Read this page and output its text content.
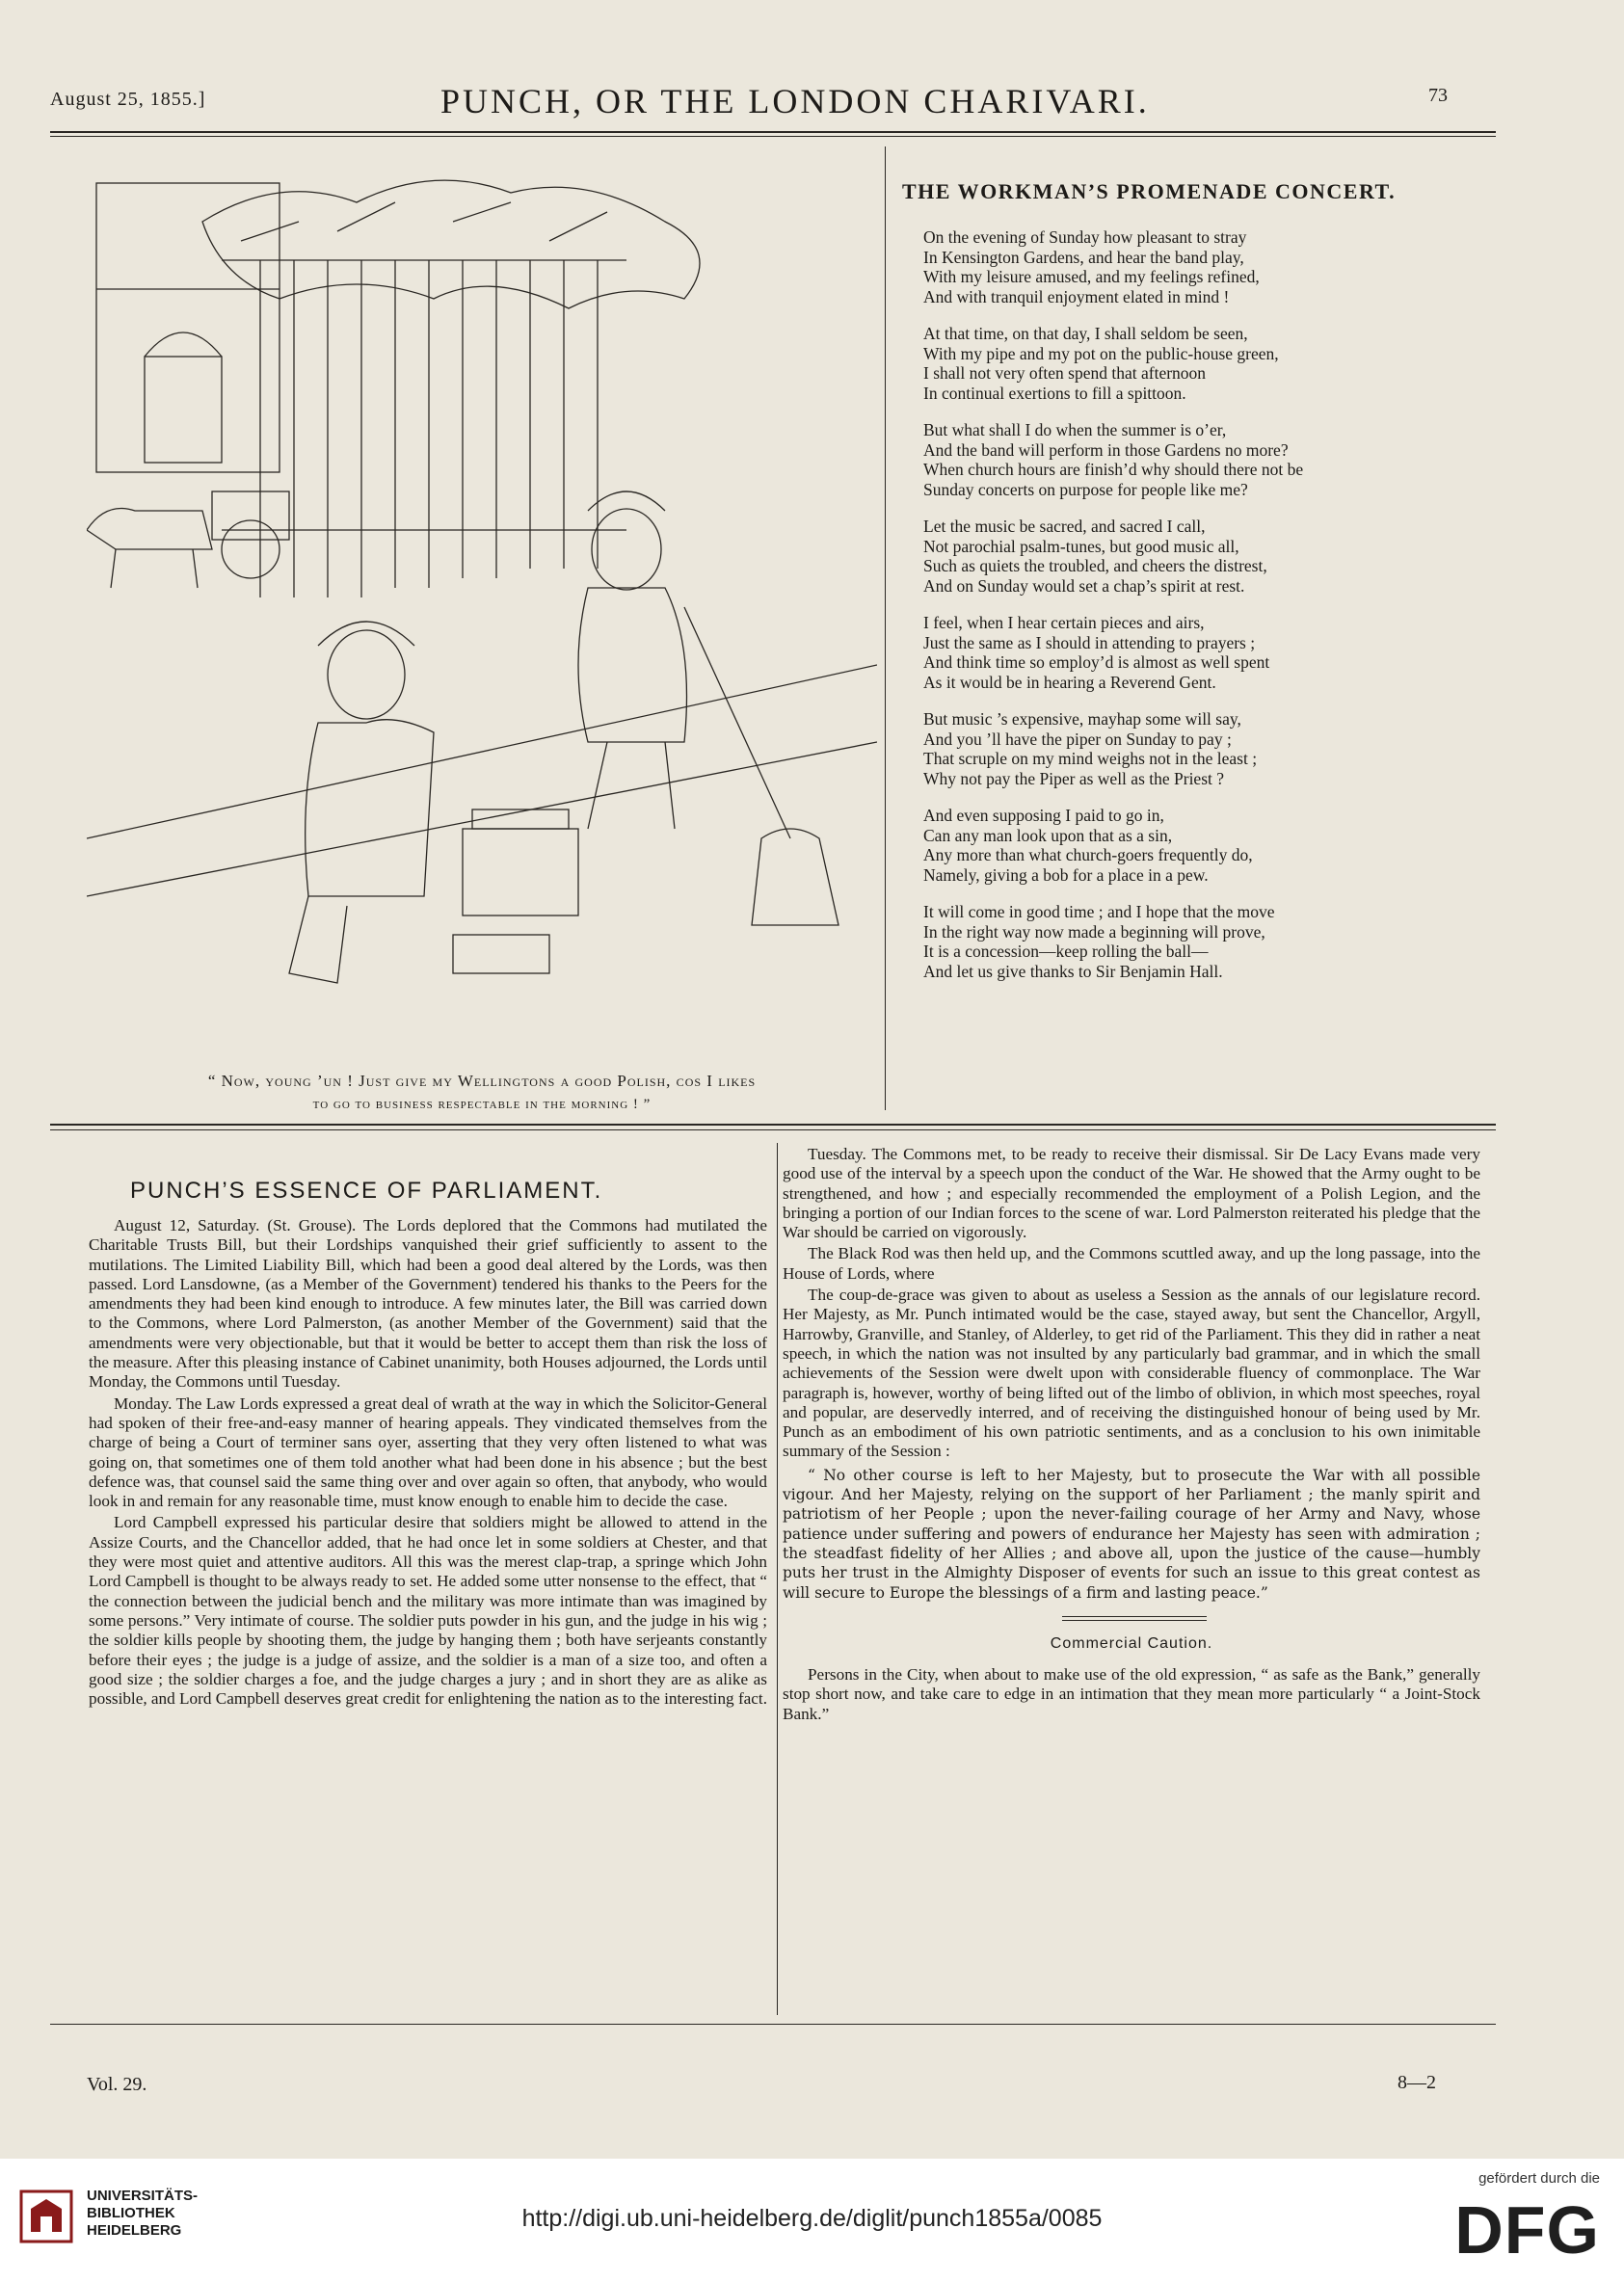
August 25, 1855.]	PUNCH, OR THE LONDON CHARIVARI.	73
“ Now, young ’un ! Just give my Wellingtons a good Polish, cos I likes
to go to business respectable in the morning ! ”
THE WORKMAN’S PROMENADE CONCERT.
On the evening of Sunday how pleasant to stray
In Kensington Gardens, and hear the band play,
With my leisure amused, and my feelings refined,
And with tranquil enjoyment elated in mind !
At that time, on that day, I shall seldom be seen,
With my pipe and my pot on the public-house green,
I shall not very often spend that afternoon
In continual exertions to fill a spittoon.
But what shall I do when the summer is o’er,
And the band will perform in those Gardens no more?
When church hours are finish’d why should there not be
Sunday concerts on purpose for people like me?
Let the music be sacred, and sacred I call,
Not parochial psalm-tunes, but good music all,
Such as quiets the troubled, and cheers the distrest,
And on Sunday would set a chap’s spirit at rest.
I feel, when I hear certain pieces and airs,
Just the same as I should in attending to prayers ;
And think time so employ’d is almost as well spent
As it would be in hearing a Reverend Gent.
But music ’s expensive, mayhap some will say,
And you ’ll have the piper on Sunday to pay ;
That scruple on my mind weighs not in the least ;
Why not pay the Piper as well as the Priest ?
And even supposing I paid to go in,
Can any man look upon that as a sin,
Any more than what church-goers frequently do,
Namely, giving a bob for a place in a pew.
It will come in good time ; and I hope that the move
In the right way now made a beginning will prove,
It is a concession—keep rolling the ball—
And let us give thanks to Sir Benjamin Hall.
PUNCH’S ESSENCE OF PARLIAMENT.

August 12, Saturday. (St. Grouse). The Lords deplored that the Commons had mutilated the Charitable Trusts Bill, but their Lordships vanquished their grief sufficiently to assent to the mutilations. The Limited Liability Bill, which had been a good deal altered by the Lords, was then passed. Lord Lansdowne, (as a Member of the Government) tendered his thanks to the Peers for the amendments they had been kind enough to introduce. A few minutes later, the Bill was carried down to the Commons, where Lord Palmerston, (as another Member of the Government) said that the amendments were very objectionable, but that it would be better to accept them than risk the loss of the measure. After this pleasing instance of Cabinet unanimity, both Houses adjourned, the Lords until Monday, the Commons until Tuesday.

Monday. The Law Lords expressed a great deal of wrath at the way in which the Solicitor-General had spoken of their free-and-easy manner of hearing appeals. They vindicated themselves from the charge of being a Court of terminer sans oyer, asserting that they very often listened to what was going on, that sometimes one of them told another what had been done in his absence ; but the best defence was, that counsel said the same thing over and over again so often, that anybody, who would look in and remain for any reasonable time, must know enough to enable him to decide the case.

Lord Campbell expressed his particular desire that soldiers might be allowed to attend in the Assize Courts, and the Chancellor added, that he had once let in some soldiers at Chester, and that they were most quiet and attentive auditors. All this was the merest clap-trap, a springe which John Lord Campbell is thought to be always ready to set. He added some utter nonsense to the effect, that “ the connection between the judicial bench and the military was more intimate than was imagined by some persons.” Very intimate of course. The soldier puts powder in his gun, and the judge in his wig ; the soldier kills people by shooting them, the judge by hanging them ; both have serjeants constantly before their eyes ; the judge is a judge of assize, and the soldier is a man of a size too, and often a good size ; the soldier charges a foe, and the judge charges a jury ; and in short they are as alike as possible, and Lord Campbell deserves great credit for enlightening the nation as to the interesting fact.

Tuesday. The Commons met, to be ready to receive their dismissal. Sir De Lacy Evans made very good use of the interval by a speech upon the conduct of the War. He showed that the Army ought to be strengthened, and how ; and especially recommended the employment of a Polish Legion, and the bringing a portion of our Indian forces to the scene of war. Lord Palmerston reiterated his pledge that the War should be carried on vigorously.

The Black Rod was then held up, and the Commons scuttled away, and up the long passage, into the House of Lords, where

The coup-de-grace was given to about as useless a Session as the annals of our legislature record. Her Majesty, as Mr. Punch intimated would be the case, stayed away, but sent the Chancellor, Argyll, Harrowby, Granville, and Stanley, of Alderley, to get rid of the Parliament. This they did in rather a neat speech, in which the nation was not insulted by any particularly bad grammar, and in which the small achievements of the Session were dwelt upon with considerable fluency of commonplace. The War paragraph is, however, worthy of being lifted out of the limbo of oblivion, in which most speeches, royal and popular, are deservedly interred, and of receiving the distinguished honour of being used by Mr. Punch as an embodiment of his own patriotic sentiments, and as a conclusion to his own inimitable summary of the Session :

“ No other course is left to her Majesty, but to prosecute the War with all possible vigour. And her Majesty, relying on the support of her Parliament ; the manly spirit and patriotism of her People ; upon the never-failing courage of her Army and Navy, whose patience under suffering and powers of endurance her Majesty has seen with admiration ; the steadfast fidelity of her Allies ; and above all, upon the justice of the cause—humbly puts her trust in the Almighty Disposer of events for such an issue to this great contest as will secure to Europe the blessings of a firm and lasting peace.”

Commercial Caution.

Persons in the City, when about to make use of the old expression, “ as safe as the Bank,” generally stop short now, and take care to edge in an intimation that they mean more particularly “ a Joint-Stock Bank.”

Vol. 29.	8—2
UNIVERSITÄTS-
BIBLIOTHEK
HEIDELBERG	http://digi.ub.uni-heidelberg.de/diglit/punch1855a/0085
gefördert durch die
DFG
